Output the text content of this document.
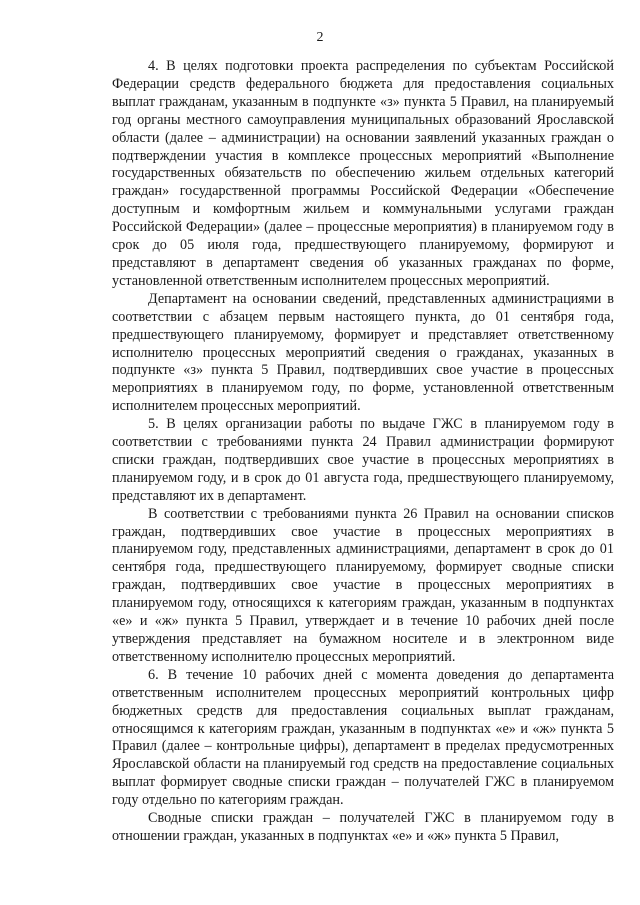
2

4. В целях подготовки проекта распределения по субъектам Российской Федерации средств федерального бюджета для предоставления социальных выплат гражданам, указанным в подпункте «з» пункта 5 Правил, на планируемый год органы местного самоуправления муниципальных образований Ярославской области (далее – администрации) на основании заявлений указанных граждан о подтверждении участия в комплексе процессных мероприятий «Выполнение государственных обязательств по обеспечению жильем отдельных категорий граждан» государственной программы Российской Федерации «Обеспечение доступным и комфортным жильем и коммунальными услугами граждан Российской Федерации» (далее – процессные мероприятия) в планируемом году в срок до 05 июля года, предшествующего планируемому, формируют и представляют в департамент сведения об указанных гражданах по форме, установленной ответственным исполнителем процессных мероприятий.

Департамент на основании сведений, представленных администрациями в соответствии с абзацем первым настоящего пункта, до 01 сентября года, предшествующего планируемому, формирует и представляет ответственному исполнителю процессных мероприятий сведения о гражданах, указанных в подпункте «з» пункта 5 Правил, подтвердивших свое участие в процессных мероприятиях в планируемом году, по форме, установленной ответственным исполнителем процессных мероприятий.

5. В целях организации работы по выдаче ГЖС в планируемом году в соответствии с требованиями пункта 24 Правил администрации формируют списки граждан, подтвердивших свое участие в процессных мероприятиях в планируемом году, и в срок до 01 августа года, предшествующего планируемому, представляют их в департамент.

В соответствии с требованиями пункта 26 Правил на основании списков граждан, подтвердивших свое участие в процессных мероприятиях в планируемом году, представленных администрациями, департамент в срок до 01 сентября года, предшествующего планируемому, формирует сводные списки граждан, подтвердивших свое участие в процессных мероприятиях в планируемом году, относящихся к категориям граждан, указанным в подпунктах «е» и «ж» пункта 5 Правил, утверждает и в течение 10 рабочих дней после утверждения представляет на бумажном носителе и в электронном виде ответственному исполнителю процессных мероприятий.

6. В течение 10 рабочих дней с момента доведения до департамента ответственным исполнителем процессных мероприятий контрольных цифр бюджетных средств для предоставления социальных выплат гражданам, относящимся к категориям граждан, указанным в подпунктах «е» и «ж» пункта 5 Правил (далее – контрольные цифры), департамент в пределах предусмотренных Ярославской области на планируемый год средств на предоставление социальных выплат формирует сводные списки граждан – получателей ГЖС в планируемом году отдельно по категориям граждан.

Сводные списки граждан – получателей ГЖС в планируемом году в отношении граждан, указанных в подпунктах «е» и «ж» пункта 5 Правил,
